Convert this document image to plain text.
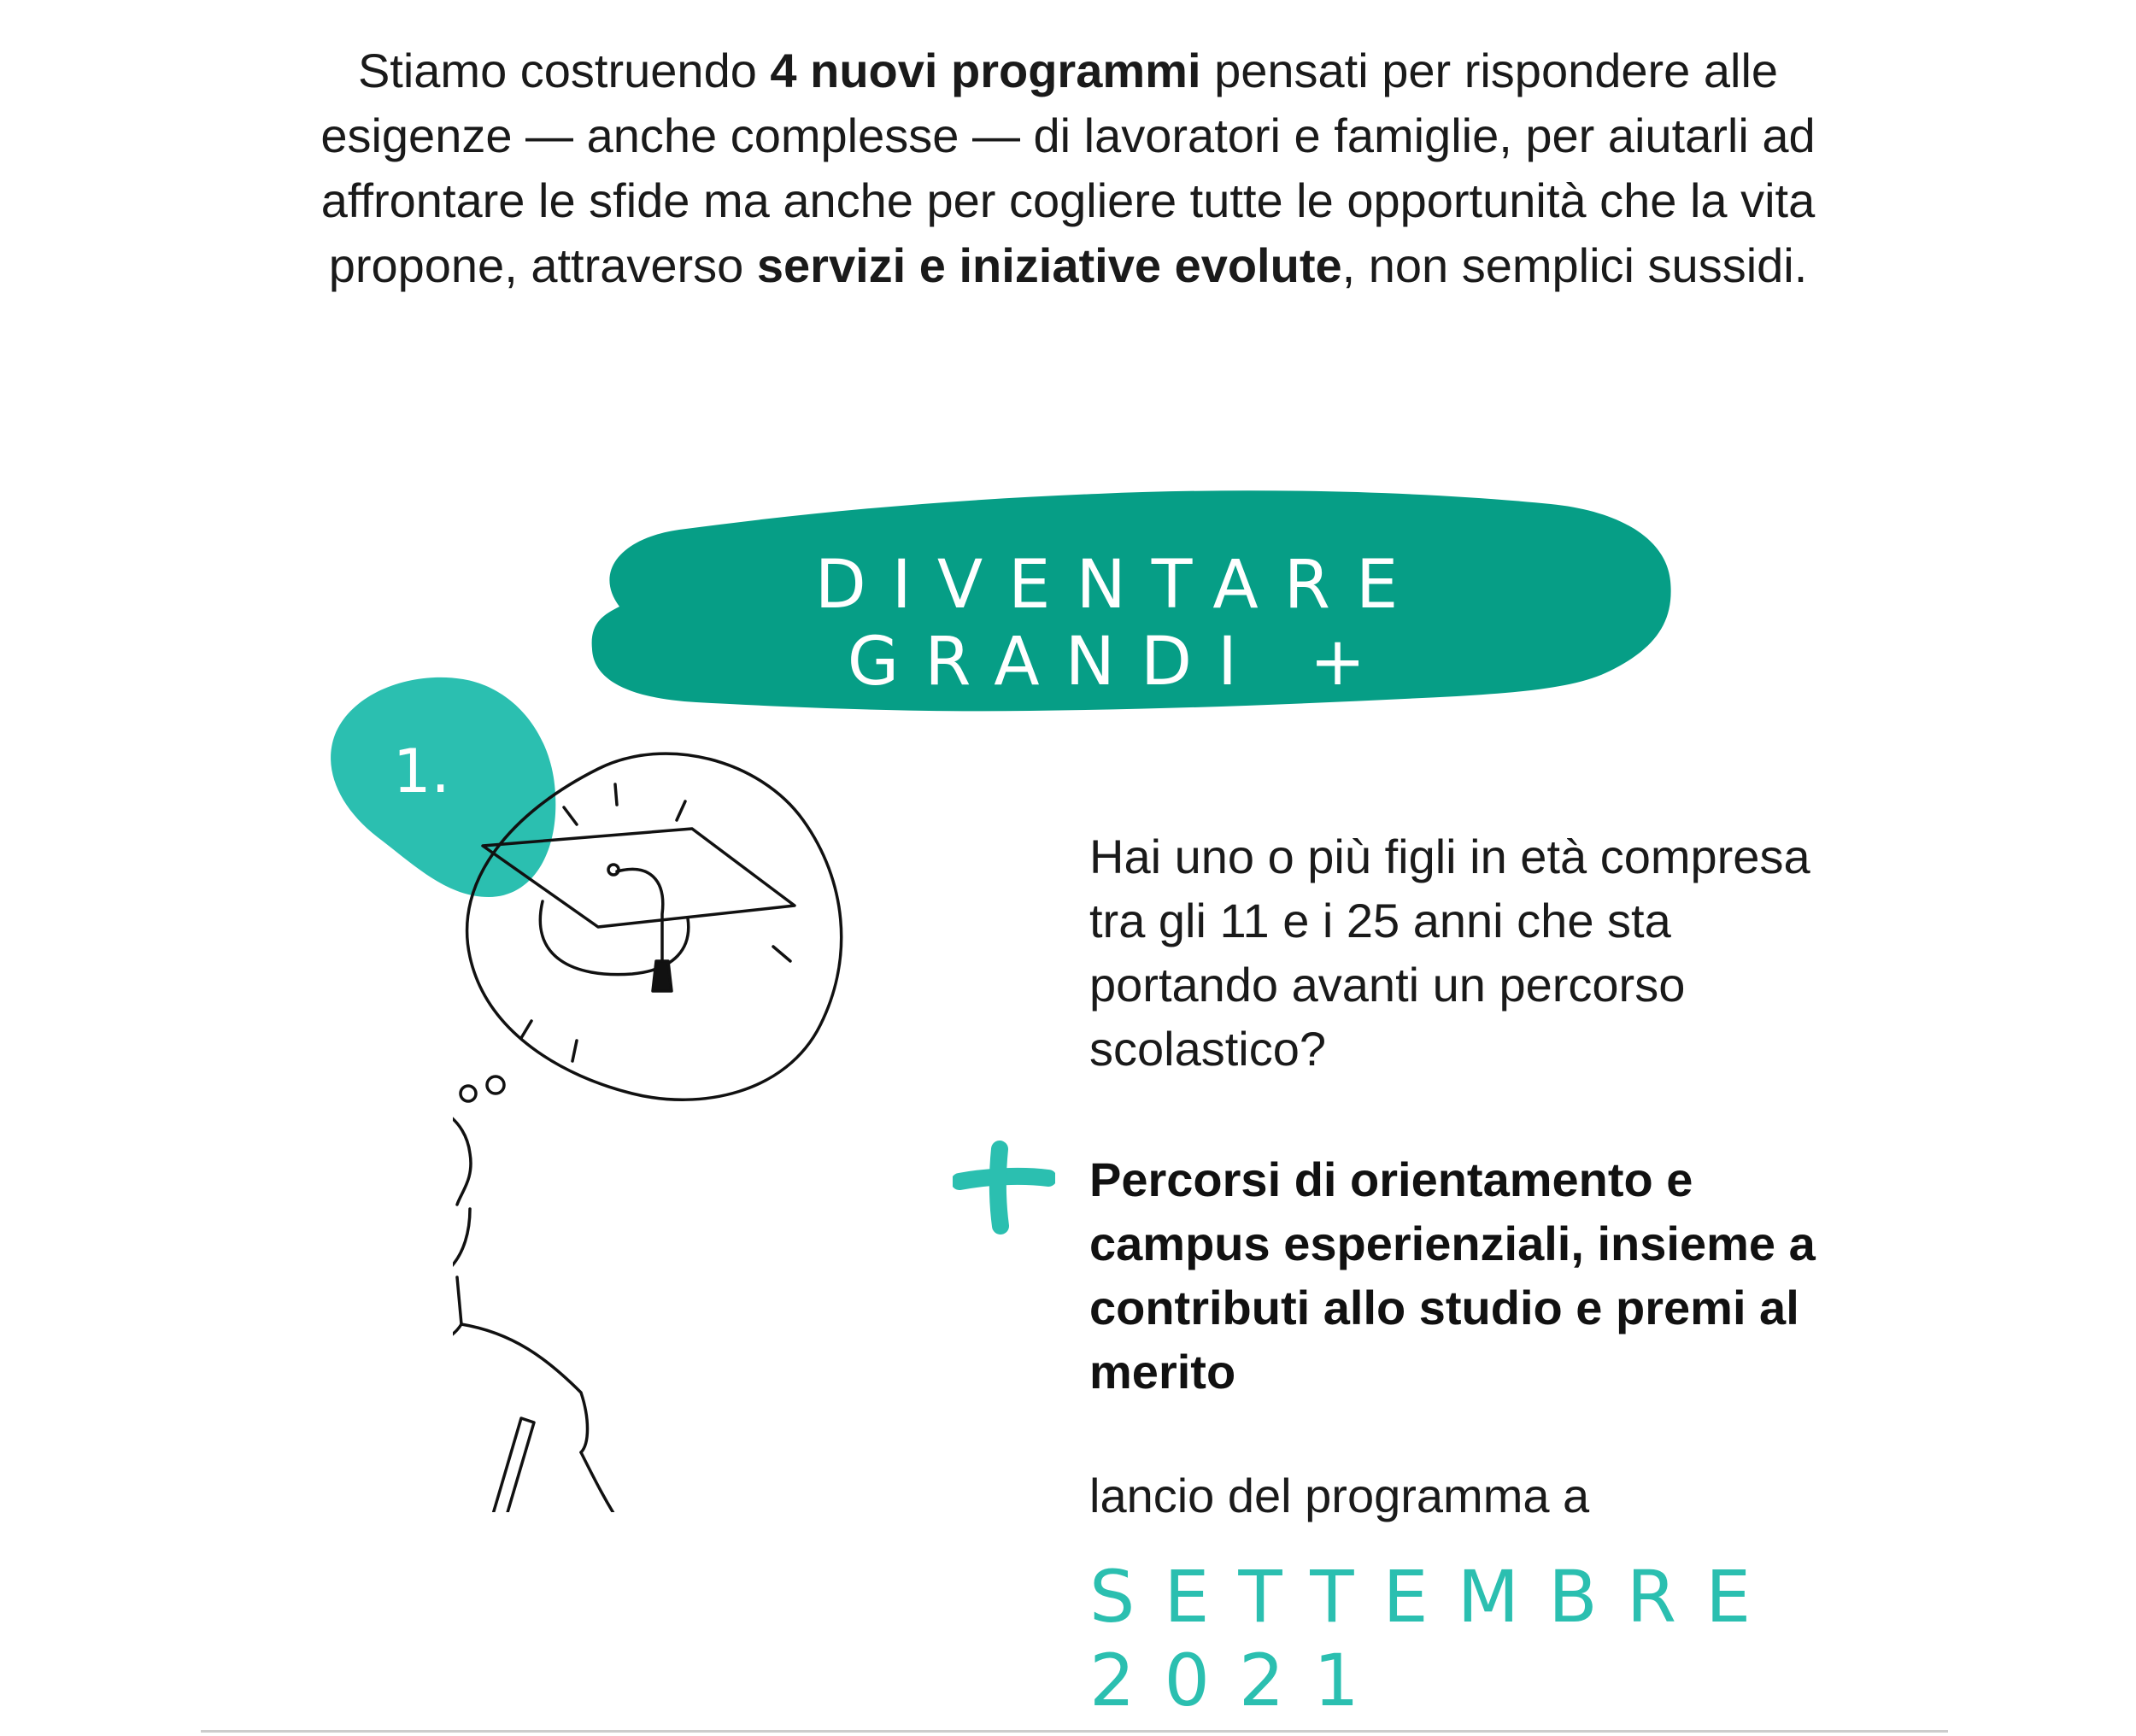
Stiamo costruendo 4 nuovi programmi pensati per rispondere alle esigenze — anche complesse — di lavoratori e famiglie, per aiutarli ad affrontare le sfide ma anche per cogliere tutte le opportunità che la vita propone, attraverso servizi e iniziative evolute, non semplici sussidi.
DIVENTARE GRANDI +
1.
Hai uno o più figli in età compresa tra gli 11 e i 25 anni che sta portando avanti un percorso scolastico?
Percorsi di orientamento e campus esperienziali, insieme a contributi allo studio e premi al merito
lancio del programma a
SETTEMBRE 2021
